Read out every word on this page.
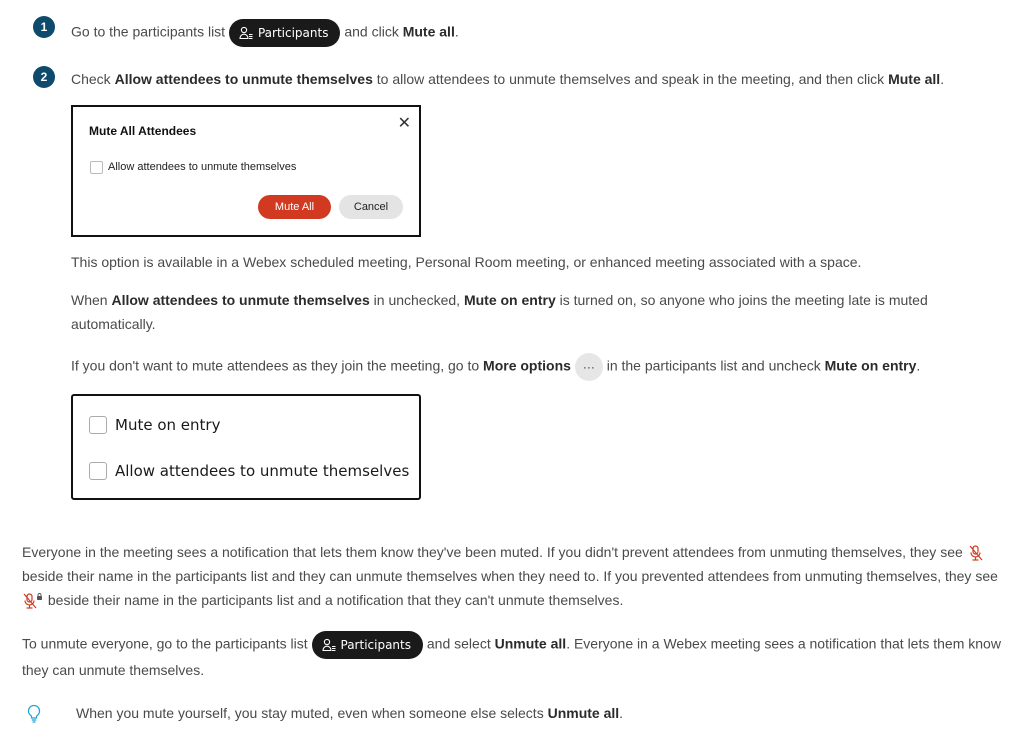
1	Go to the participants list	Participants and click Mute all.
2	Check Allow attendees to unmute themselves to allow attendees to unmute themselves and speak in the meeting, and then click Mute all.
Mute All Attendees	✕
Allow attendees to unmute themselves
Mute All	Cancel
This option is available in a Webex scheduled meeting, Personal Room meeting, or enhanced meeting associated with a space.
When Allow attendees to unmute themselves in unchecked, Mute on entry is turned on, so anyone who joins the meeting late is muted
automatically.
If you don't want to mute attendees as they join the meeting, go to More options ··· in the participants list and uncheck Mute on entry.
Mute on entry
Allow attendees to unmute themselves
Everyone in the meeting sees a notification that lets them know they've been muted. If you didn't prevent attendees from unmuting themselves, they see
beside their name in the participants list and they can unmute themselves when they need to. If you prevented attendees from unmuting themselves, they see
beside their name in the participants list and a notification that they can't unmute themselves.
To unmute everyone, go to the participants list	Participants and select Unmute all. Everyone in a Webex meeting sees a notification that lets them know
they can unmute themselves.
When you mute yourself, you stay muted, even when someone else selects Unmute all.
